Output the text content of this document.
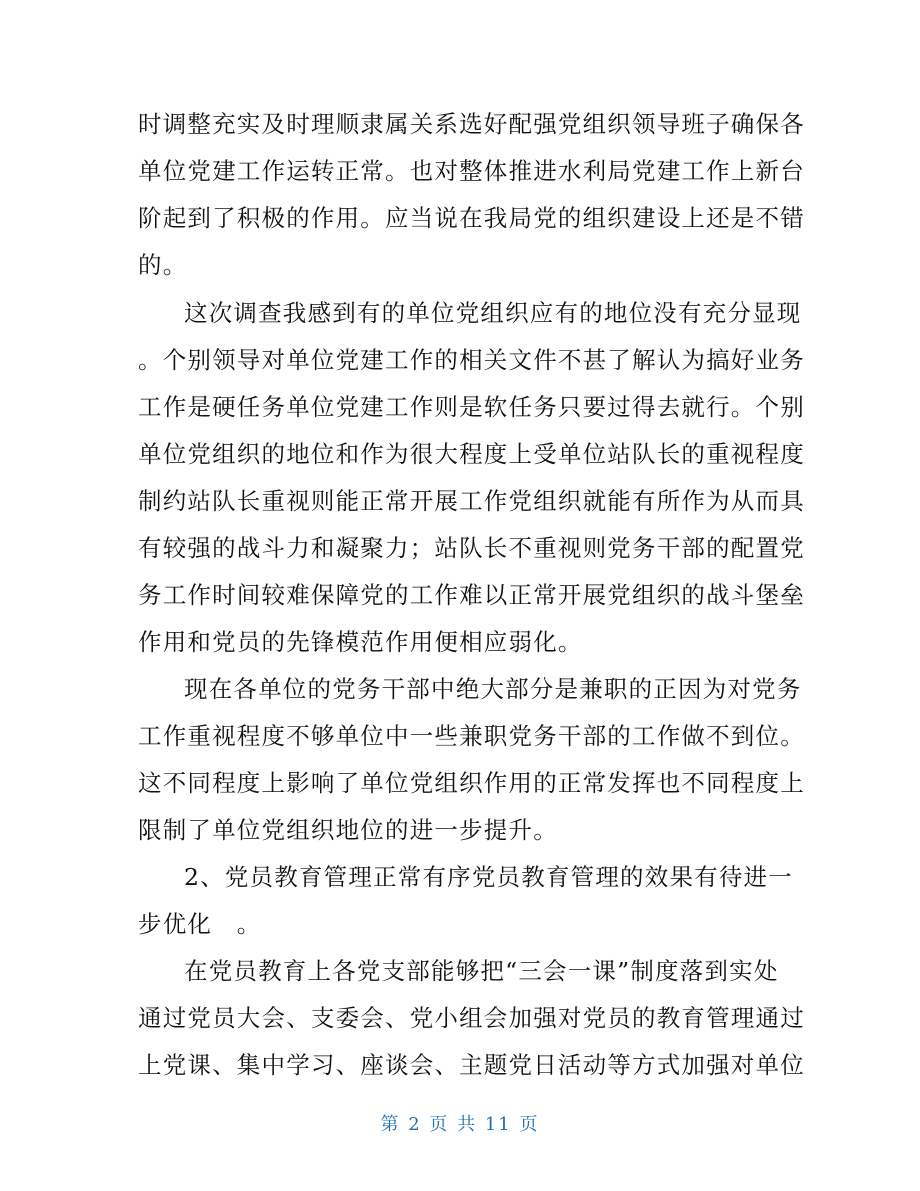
时调整充实及时理顺隶属关系选好配强党组织领导班子确保各
单位党建工作运转正常。也对整体推进水利局党建工作上新台
阶起到了积极的作用。应当说在我局党的组织建设上还是不错
的。
这次调查我感到有的单位党组织应有的地位没有充分显现
。个别领导对单位党建工作的相关文件不甚了解认为搞好业务
工作是硬任务单位党建工作则是软任务只要过得去就行。个别
单位党组织的地位和作为很大程度上受单位站队长的重视程度
制约站队长重视则能正常开展工作党组织就能有所作为从而具
有较强的战斗力和凝聚力；站队长不重视则党务干部的配置党
务工作时间较难保障党的工作难以正常开展党组织的战斗堡垒
作用和党员的先锋模范作用便相应弱化。
现在各单位的党务干部中绝大部分是兼职的正因为对党务
工作重视程度不够单位中一些兼职党务干部的工作做不到位。
这不同程度上影响了单位党组织作用的正常发挥也不同程度上
限制了单位党组织地位的进一步提升。
2、党员教育管理正常有序党员教育管理的效果有待进一
步优化　。
在党员教育上各党支部能够把“三会一课”制度落到实处
通过党员大会、支委会、党小组会加强对党员的教育管理通过
上党课、集中学习、座谈会、主题党日活动等方式加强对单位
第 2 页 共 11 页
